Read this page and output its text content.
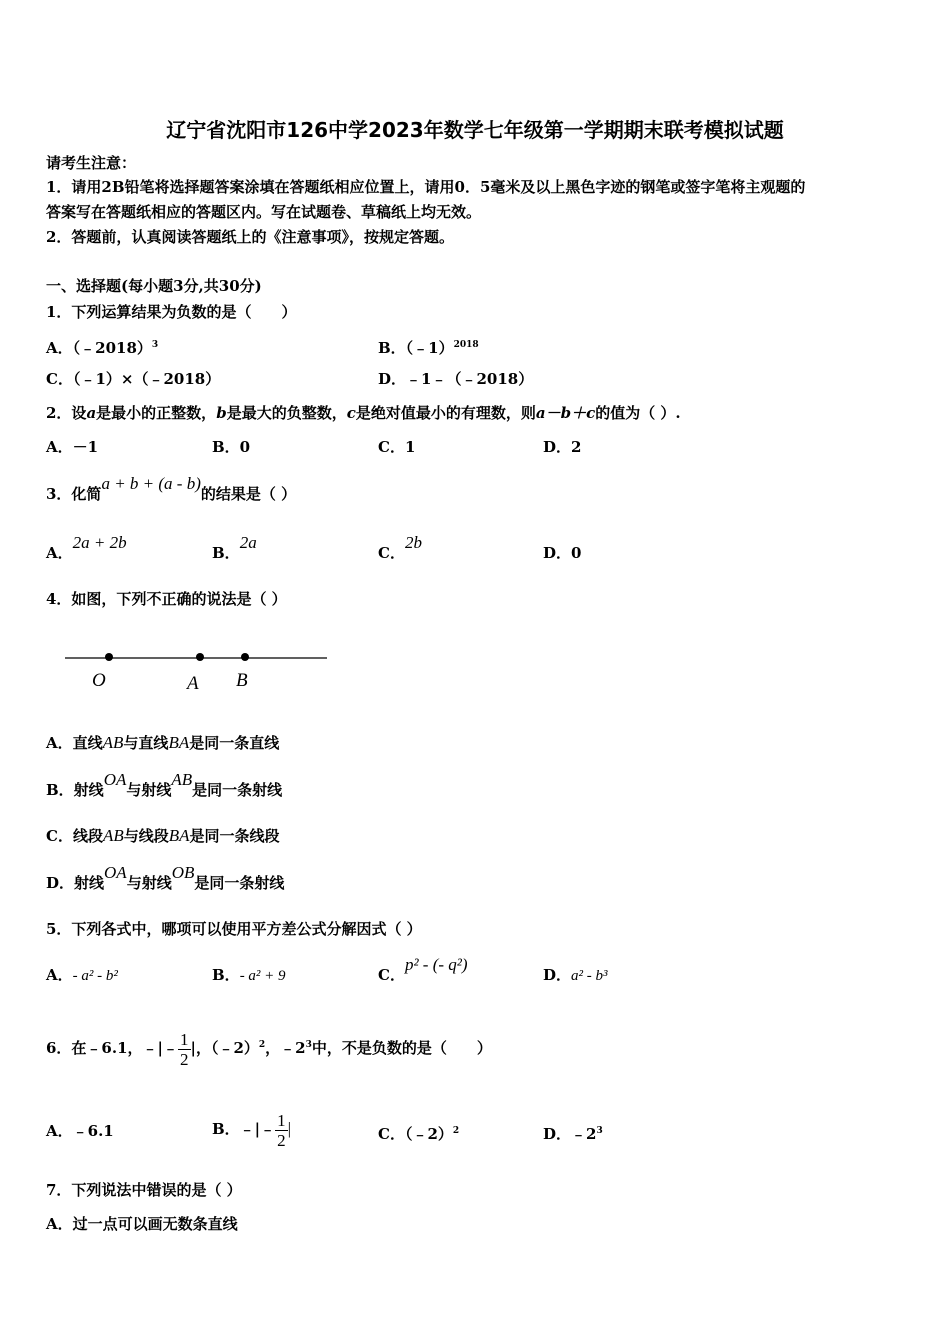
辽宁省沈阳市126中学2023年数学七年级第一学期期末联考模拟试题
请考生注意：
1．请用2B铅笔将选择题答案涂填在答题纸相应位置上，请用0．5毫米及以上黑色字迹的钢笔或签字笔将主观题的
答案写在答题纸相应的答题区内。写在试题卷、草稿纸上均无效。
2．答题前，认真阅读答题纸上的《注意事项》，按规定答题。
一、选择题(每小题3分,共30分)
1．下列运算结果为负数的是（　　）
A．（﹣2018）$^3$	B．（﹣1）$^{2018}$
C．（﹣1）×（﹣2018）	D．﹣1﹣（﹣2018）
2．设a是最小的正整数，b是最大的负整数，c是绝对值最小的有理数，则a－b＋c的值为（ ）.
A．－1	B．0	C．1	D．2
3．化简a + b + (a - b)的结果是（ ）
A．2a + 2b
B．2a
C．2b
D．0
4．如图，下列不正确的说法是（ ）
O	A B
A．直线AB与直线BA是同一条直线
B．射线OA与射线AB是同一条射线
C．线段AB与线段BA是同一条线段
D．射线OA与射线OB是同一条射线
5．下列各式中，哪项可以使用平方差公式分解因式（ ）
A．- a² - b²	B．- a² + 9	C．p² - (- q²)
D．a² - b³
6．在﹣6.1，﹣|﹣ $\frac{1}{2}$ |，（﹣2）$^2$，$﹣2^3$中，不是负数的是（　　）
A．﹣6.1	B．﹣|﹣ $\frac{1}{2}$ |	C．（﹣2）$^2$	D．$﹣2^3$
7．下列说法中错误的是（ ）
A．过一点可以画无数条直线
